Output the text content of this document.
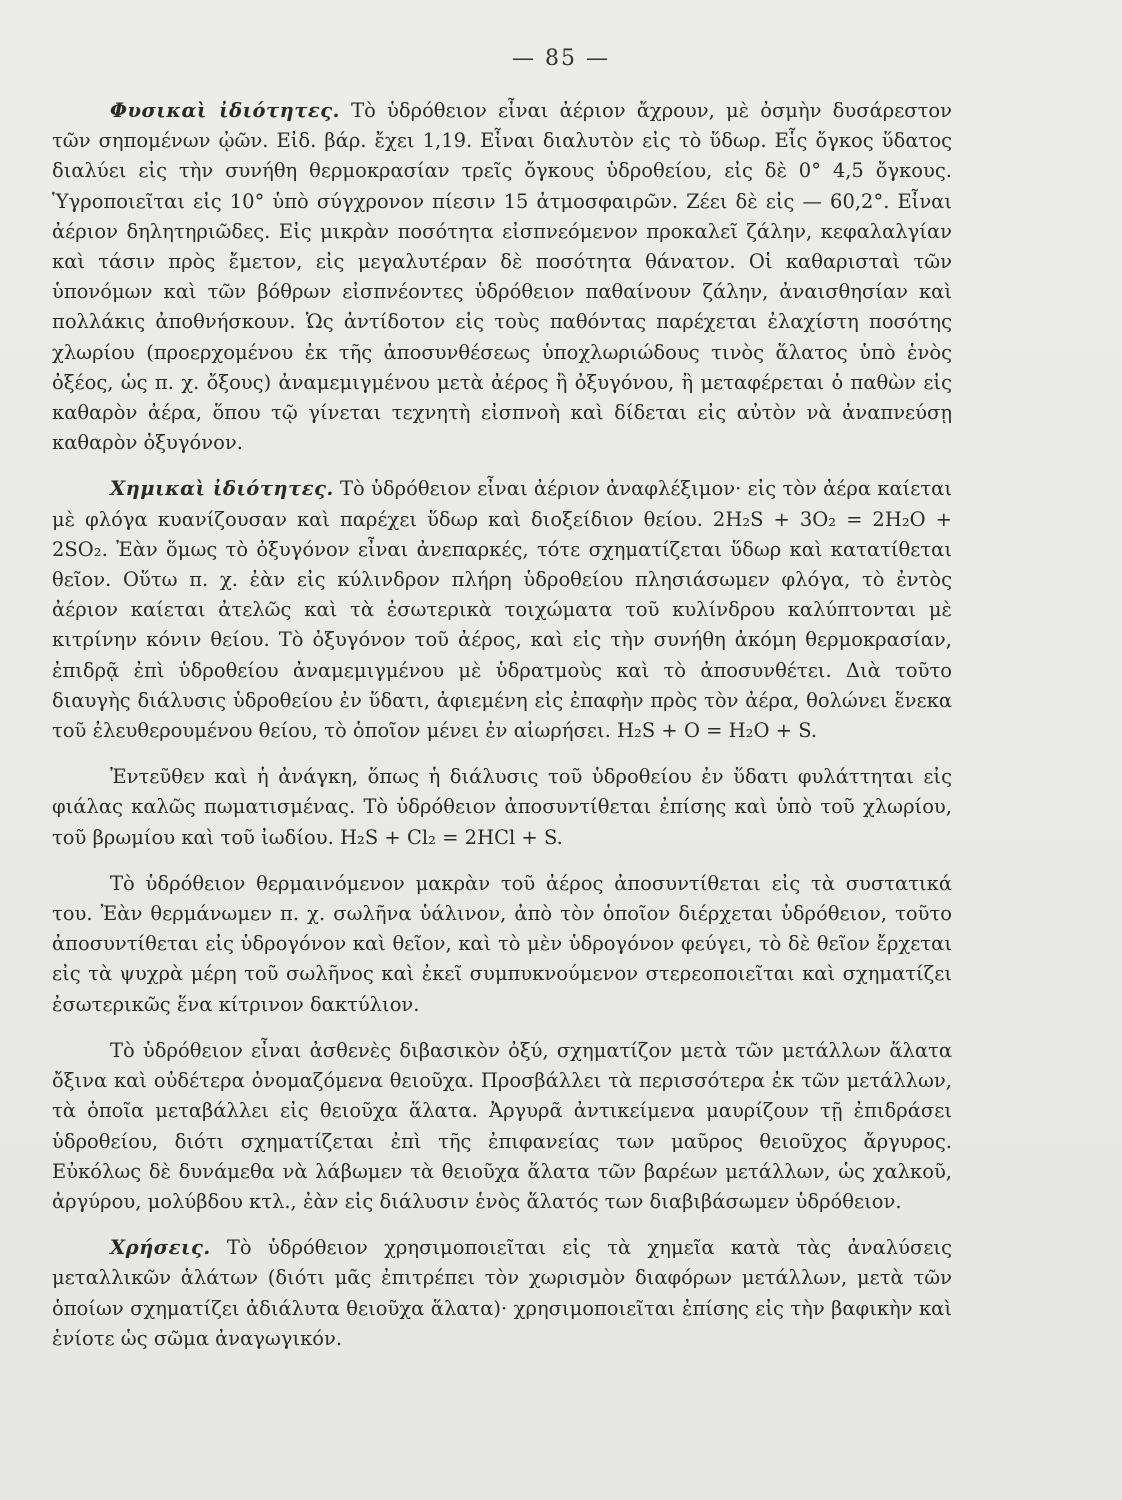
— 85 —

Φυσικαὶ ἰδιότητες. Τὸ ὑδρόθειον εἶναι ἀέριον ἄχρουν, μὲ ὀσμὴν δυσάρεστον τῶν σηπομένων ᾠῶν. Εἰδ. βάρ. ἔχει 1,19. Εἶναι διαλυτὸν εἰς τὸ ὕδωρ. Εἷς ὄγκος ὕδατος διαλύει εἰς τὴν συνήθη θερμοκρασίαν τρεῖς ὄγκους ὑδροθείου, εἰς δὲ 0° 4,5 ὄγκους. Ὑγροποιεῖται εἰς 10° ὑπὸ σύγχρονον πίεσιν 15 ἀτμοσφαιρῶν. Ζέει δὲ εἰς — 60,2°. Εἶναι ἀέριον δηλητηριῶδες. Εἰς μικρὰν ποσότητα εἰσπνεόμενον προκαλεῖ ζάλην, κεφαλαλγίαν καὶ τάσιν πρὸς ἔμετον, εἰς μεγαλυτέραν δὲ ποσότητα θάνατον. Οἱ καθαρισταὶ τῶν ὑπονόμων καὶ τῶν βόθρων εἰσπνέοντες ὑδρόθειον παθαίνουν ζάλην, ἀναισθησίαν καὶ πολλάκις ἀποθνήσκουν. Ὡς ἀντίδοτον εἰς τοὺς παθόντας παρέχεται ἐλαχίστη ποσότης χλωρίου (προερχομένου ἐκ τῆς ἀποσυνθέσεως ὑποχλωριώδους τινὸς ἅλατος ὑπὸ ἑνὸς ὀξέος, ὡς π. χ. ὄξους) ἀναμεμιγμένου μετὰ ἀέρος ἢ ὀξυγόνου, ἢ μεταφέρεται ὁ παθὼν εἰς καθαρὸν ἀέρα, ὅπου τῷ γίνεται τεχνητὴ εἰσπνοὴ καὶ δίδεται εἰς αὐτὸν νὰ ἀναπνεύσῃ καθαρὸν ὀξυγόνον.

Χημικαὶ ἰδιότητες. Τὸ ὑδρόθειον εἶναι ἀέριον ἀναφλέξιμον· εἰς τὸν ἀέρα καίεται μὲ φλόγα κυανίζουσαν καὶ παρέχει ὕδωρ καὶ διοξείδιον θείου. 2H₂S + 3O₂ = 2H₂O + 2SO₂. Ἐὰν ὅμως τὸ ὀξυγόνον εἶναι ἀνεπαρκές, τότε σχηματίζεται ὕδωρ καὶ κατατίθεται θεῖον. Οὕτω π. χ. ἐὰν εἰς κύλινδρον πλήρη ὑδροθείου πλησιάσωμεν φλόγα, τὸ ἐντὸς ἀέριον καίεται ἀτελῶς καὶ τὰ ἐσωτερικὰ τοιχώματα τοῦ κυλίνδρου καλύπτονται μὲ κιτρίνην κόνιν θείου. Τὸ ὀξυγόνον τοῦ ἀέρος, καὶ εἰς τὴν συνήθη ἀκόμη θερμοκρασίαν, ἐπιδρᾷ ἐπὶ ὑδροθείου ἀναμεμιγμένου μὲ ὑδρατμοὺς καὶ τὸ ἀποσυνθέτει. Διὰ τοῦτο διαυγὴς διάλυσις ὑδροθείου ἐν ὕδατι, ἀφιεμένη εἰς ἐπαφὴν πρὸς τὸν ἀέρα, θολώνει ἕνεκα τοῦ ἐλευθερουμένου θείου, τὸ ὁποῖον μένει ἐν αἰωρήσει. H₂S + O = H₂O + S.

Ἐντεῦθεν καὶ ἡ ἀνάγκη, ὅπως ἡ διάλυσις τοῦ ὑδροθείου ἐν ὕδατι φυλάττηται εἰς φιάλας καλῶς πωματισμένας. Τὸ ὑδρόθειον ἀποσυντίθεται ἐπίσης καὶ ὑπὸ τοῦ χλωρίου, τοῦ βρωμίου καὶ τοῦ ἰωδίου. H₂S + Cl₂ = 2HCl + S.

Τὸ ὑδρόθειον θερμαινόμενον μακρὰν τοῦ ἀέρος ἀποσυντίθεται εἰς τὰ συστατικά του. Ἐὰν θερμάνωμεν π. χ. σωλῆνα ὑάλινον, ἀπὸ τὸν ὁποῖον διέρχεται ὑδρόθειον, τοῦτο ἀποσυντίθεται εἰς ὑδρογόνον καὶ θεῖον, καὶ τὸ μὲν ὑδρογόνον φεύγει, τὸ δὲ θεῖον ἔρχεται εἰς τὰ ψυχρὰ μέρη τοῦ σωλῆνος καὶ ἐκεῖ συμπυκνούμενον στερεοποιεῖται καὶ σχηματίζει ἐσωτερικῶς ἕνα κίτρινον δακτύλιον.

Τὸ ὑδρόθειον εἶναι ἀσθενὲς διβασικὸν ὀξύ, σχηματίζον μετὰ τῶν μετάλλων ἅλατα ὄξινα καὶ οὐδέτερα ὀνομαζόμενα θειοῦχα. Προσβάλλει τὰ περισσότερα ἐκ τῶν μετάλλων, τὰ ὁποῖα μεταβάλλει εἰς θειοῦχα ἅλατα. Ἀργυρᾶ ἀντικείμενα μαυρίζουν τῇ ἐπιδράσει ὑδροθείου, διότι σχηματίζεται ἐπὶ τῆς ἐπιφανείας των μαῦρος θειοῦχος ἄργυρος. Εὐκόλως δὲ δυνάμεθα νὰ λάβωμεν τὰ θειοῦχα ἅλατα τῶν βαρέων μετάλλων, ὡς χαλκοῦ, ἀργύρου, μολύβδου κτλ., ἐὰν εἰς διάλυσιν ἑνὸς ἅλατός των διαβιβάσωμεν ὑδρόθειον.

Χρήσεις. Τὸ ὑδρόθειον χρησιμοποιεῖται εἰς τὰ χημεῖα κατὰ τὰς ἀναλύσεις μεταλλικῶν ἁλάτων (διότι μᾶς ἐπιτρέπει τὸν χωρισμὸν διαφόρων μετάλλων, μετὰ τῶν ὁποίων σχηματίζει ἀδιάλυτα θειοῦχα ἅλατα)· χρησιμοποιεῖται ἐπίσης εἰς τὴν βαφικὴν καὶ ἐνίοτε ὡς σῶμα ἀναγωγικόν.
